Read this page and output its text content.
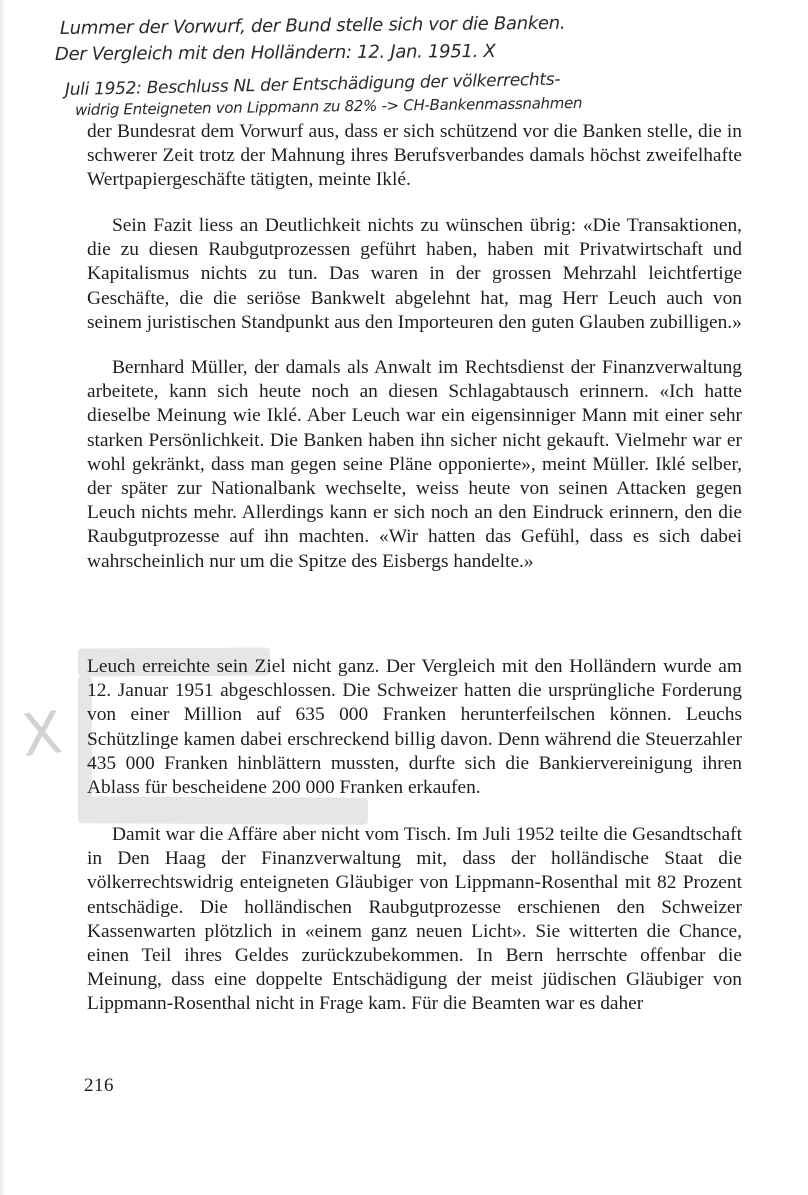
Lummer der Vorwurf, der Bund stelle sich vor die Banken.
Der Vergleich mit den Holländern: 12. Jan. 1951. X
Juli 1952: Beschluss NL der Entschädigung der völkerrechts-
widrig Enteigneten von Lippmann zu 82% -> CH-Bankenmassnahmen
X

der Bundesrat dem Vorwurf aus, dass er sich schützend vor die Banken stelle, die in schwerer Zeit trotz der Mahnung ihres Berufsverbandes damals höchst zweifelhafte Wertpapiergeschäfte tätigten, meinte Iklé.

Sein Fazit liess an Deutlichkeit nichts zu wünschen übrig: «Die Transaktionen, die zu diesen Raubgutprozessen geführt haben, haben mit Privatwirtschaft und Kapitalismus nichts zu tun. Das waren in der grossen Mehrzahl leichtfertige Geschäfte, die die seriöse Bankwelt abgelehnt hat, mag Herr Leuch auch von seinem juristischen Standpunkt aus den Importeuren den guten Glauben zubilligen.»

Bernhard Müller, der damals als Anwalt im Rechtsdienst der Finanzverwaltung arbeitete, kann sich heute noch an diesen Schlagabtausch erinnern. «Ich hatte dieselbe Meinung wie Iklé. Aber Leuch war ein eigensinniger Mann mit einer sehr starken Persönlichkeit. Die Banken haben ihn sicher nicht gekauft. Vielmehr war er wohl gekränkt, dass man gegen seine Pläne opponierte», meint Müller. Iklé selber, der später zur Nationalbank wechselte, weiss heute von seinen Attacken gegen Leuch nichts mehr. Allerdings kann er sich noch an den Eindruck erinnern, den die Raubgutprozesse auf ihn machten. «Wir hatten das Gefühl, dass es sich dabei wahrscheinlich nur um die Spitze des Eisbergs handelte.»

Leuch erreichte sein Ziel nicht ganz. Der Vergleich mit den Holländern wurde am 12. Januar 1951 abgeschlossen. Die Schweizer hatten die ursprüngliche Forderung von einer Million auf 635 000 Franken herunterfeilschen können. Leuchs Schützlinge kamen dabei erschreckend billig davon. Denn während die Steuerzahler 435 000 Franken hinblättern mussten, durfte sich die Bankiervereinigung ihren Ablass für bescheidene 200 000 Franken erkaufen.

Damit war die Affäre aber nicht vom Tisch. Im Juli 1952 teilte die Gesandtschaft in Den Haag der Finanzverwaltung mit, dass der holländische Staat die völkerrechtswidrig enteigneten Gläubiger von Lippmann-Rosenthal mit 82 Prozent entschädige. Die holländischen Raubgutprozesse erschienen den Schweizer Kassenwarten plötzlich in «einem ganz neuen Licht». Sie witterten die Chance, einen Teil ihres Geldes zurückzubekommen. In Bern herrschte offenbar die Meinung, dass eine doppelte Entschädigung der meist jüdischen Gläubiger von Lippmann-Rosenthal nicht in Frage kam. Für die Beamten war es daher

216
